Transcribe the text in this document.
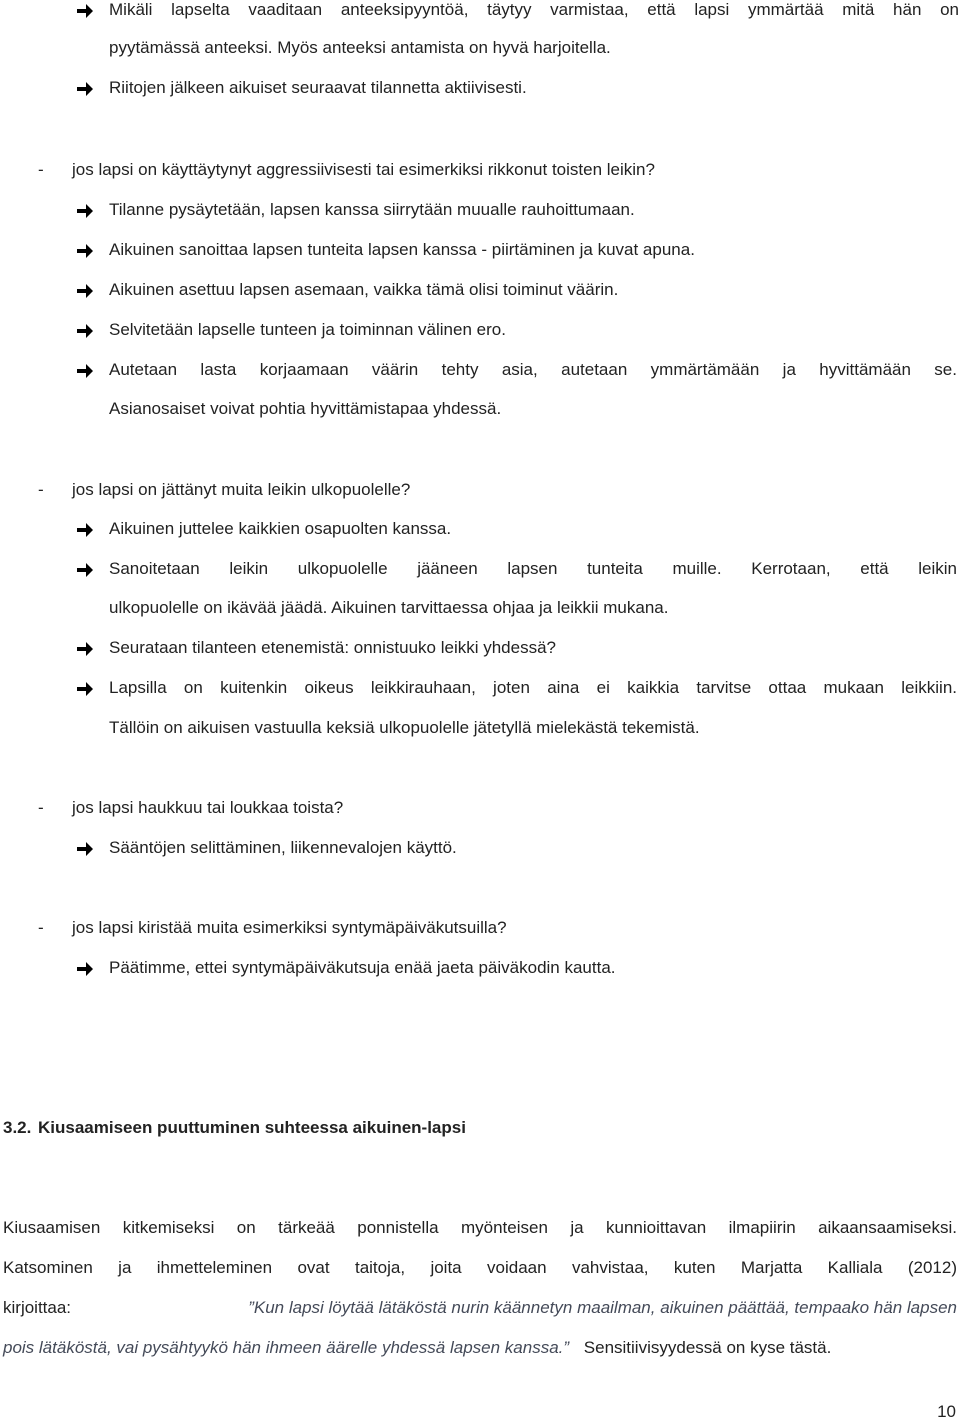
Mikäli lapselta vaaditaan anteeksipyyntöä, täytyy varmistaa, että lapsi ymmärtää mitä hän on
pyytämässä anteeksi. Myös anteeksi antamista on hyvä harjoitella.
Riitojen jälkeen aikuiset seuraavat tilannetta aktiivisesti.
- jos lapsi on käyttäytynyt aggressiivisesti tai esimerkiksi rikkonut toisten leikin?
Tilanne pysäytetään, lapsen kanssa siirrytään muualle rauhoittumaan.
Aikuinen sanoittaa lapsen tunteita lapsen kanssa - piirtäminen ja kuvat apuna.
Aikuinen asettuu lapsen asemaan, vaikka tämä olisi toiminut väärin.
Selvitetään lapselle tunteen ja toiminnan välinen ero.
Autetaan lasta korjaamaan väärin tehty asia, autetaan ymmärtämään ja hyvittämään se.
Asianosaiset voivat pohtia hyvittämistapaa yhdessä.
- jos lapsi on jättänyt muita leikin ulkopuolelle?
Aikuinen juttelee kaikkien osapuolten kanssa.
Sanoitetaan leikin ulkopuolelle jääneen lapsen tunteita muille. Kerrotaan, että leikin
ulkopuolelle on ikävää jäädä. Aikuinen tarvittaessa ohjaa ja leikkii mukana.
Seurataan tilanteen etenemistä: onnistuuko leikki yhdessä?
Lapsilla on kuitenkin oikeus leikkirauhaan, joten aina ei kaikkia tarvitse ottaa mukaan leikkiin.
Tällöin on aikuisen vastuulla keksiä ulkopuolelle jätetyllä mielekästä tekemistä.
- jos lapsi haukkuu tai loukkaa toista?
Sääntöjen selittäminen, liikennevalojen käyttö.
- jos lapsi kiristää muita esimerkiksi syntymäpäiväkutsuilla?
Päätimme, ettei syntymäpäiväkutsuja enää jaeta päiväkodin kautta.
3.2. Kiusaamiseen puuttuminen suhteessa aikuinen-lapsi
Kiusaamisen kitkemiseksi on tärkeää ponnistella myönteisen ja kunnioittavan ilmapiirin aikaansaamiseksi.
Katsominen ja ihmetteleminen ovat taitoja, joita voidaan vahvistaa, kuten Marjatta Kalliala (2012)
kirjoittaa:	”Kun lapsi löytää lätäköstä nurin käännetyn maailman, aikuinen päättää, tempaako hän lapsen
pois lätäköstä, vai pysähtyykö hän ihmeen äärelle yhdessä lapsen kanssa.” Sensitiivisyydessä on kyse tästä.
10
